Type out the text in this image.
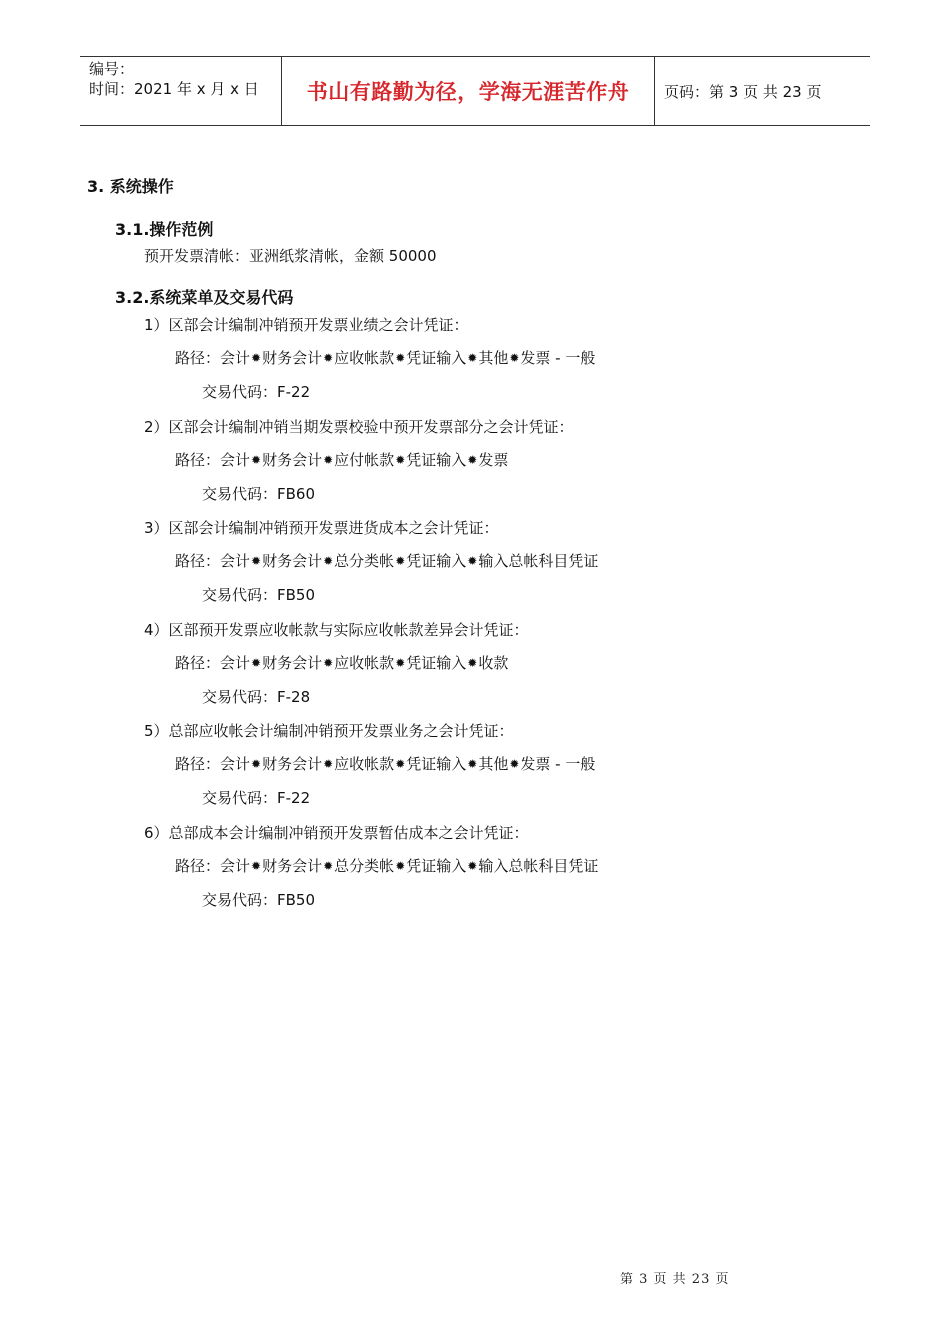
编号：
时间：2021 年 x 月 x 日	书山有路勤为径，学海无涯苦作舟	页码：第 3 页 共 23 页
3. 系统操作
3.1.操作范例
预开发票清帐：亚洲纸浆清帐，金额 50000
3.2.系统菜单及交易代码
1）区部会计编制冲销预开发票业绩之会计凭证：
路径：会计✹财务会计✹应收帐款✹凭证输入✹其他✹发票 - 一般
交易代码：F-22
2）区部会计编制冲销当期发票校验中预开发票部分之会计凭证：
路径：会计✹财务会计✹应付帐款✹凭证输入✹发票
交易代码：FB60
3）区部会计编制冲销预开发票进货成本之会计凭证：
路径：会计✹财务会计✹总分类帐✹凭证输入✹输入总帐科目凭证
交易代码：FB50
4）区部预开发票应收帐款与实际应收帐款差异会计凭证：
路径：会计✹财务会计✹应收帐款✹凭证输入✹收款
交易代码：F-28
5）总部应收帐会计编制冲销预开发票业务之会计凭证：
路径：会计✹财务会计✹应收帐款✹凭证输入✹其他✹发票 - 一般
交易代码：F-22
6）总部成本会计编制冲销预开发票暂估成本之会计凭证：
路径：会计✹财务会计✹总分类帐✹凭证输入✹输入总帐科目凭证
交易代码：FB50
第 3 页 共 23 页
